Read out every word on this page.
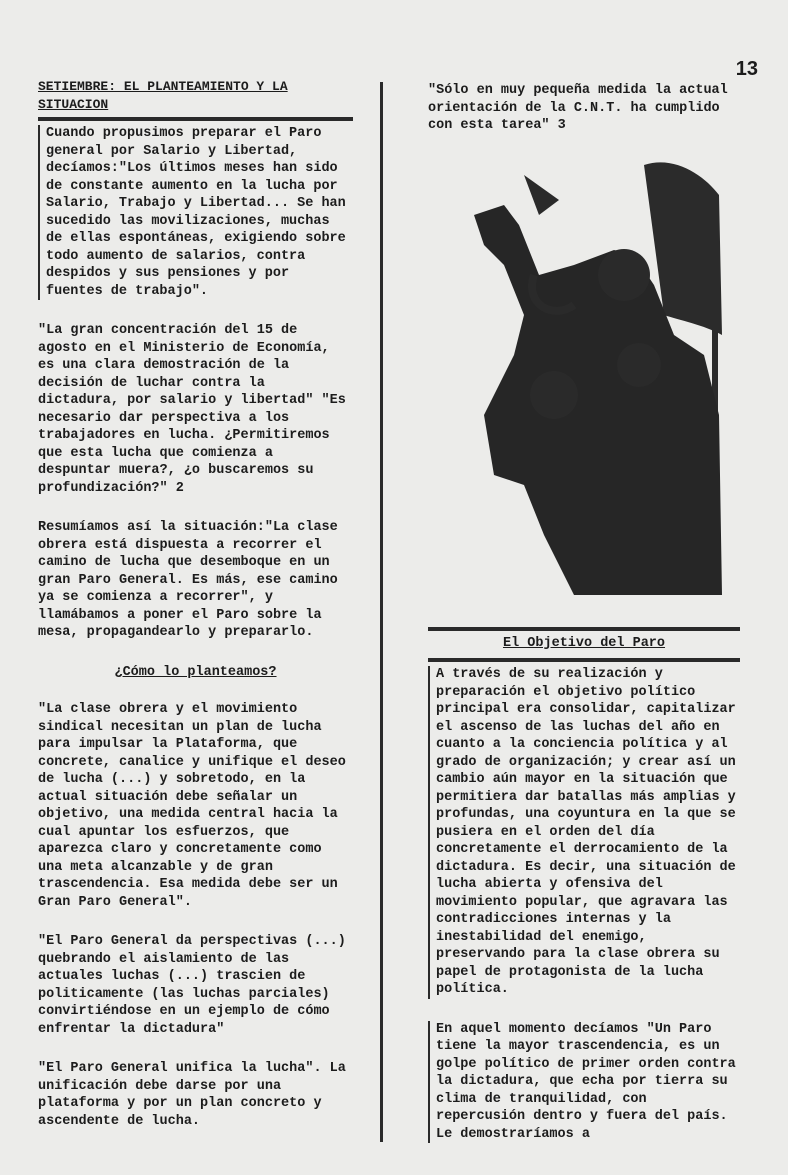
13
SETIEMBRE: EL PLANTEAMIENTO Y LA SITUACION

Cuando propusimos preparar el Paro general por Salario y Libertad, decíamos:"Los últimos meses han sido de constante aumento en la lucha por Salario, Trabajo y Libertad... Se han sucedido las movilizaciones, muchas de ellas espontáneas, exigiendo sobre todo aumento de salarios, contra despidos y sus pensiones y por fuentes de trabajo".

"La gran concentración del 15 de agosto en el Ministerio de Economía, es una clara demostración de la decisión de luchar contra la dictadura, por salario y libertad" "Es necesario dar perspectiva a los trabajadores en lucha. ¿Permitiremos que esta lucha que comienza a despuntar muera?, ¿o buscaremos su profundización?" 2

Resumíamos así la situación:"La clase obrera está dispuesta a recorrer el camino de lucha que desemboque en un gran Paro General. Es más, ese camino ya se comienza a recorrer", y llamábamos a poner el Paro sobre la mesa, propagandearlo y prepararlo.

¿Cómo lo planteamos?

"La clase obrera y el movimiento sindical necesitan un plan de lucha para impulsar la Plataforma, que concrete, canalice y unifique el deseo de lucha (...) y sobretodo, en la actual situación debe señalar un objetivo, una medida central hacia la cual apuntar los esfuerzos, que aparezca claro y concretamente como una meta alcanzable y de gran trascendencia. Esa medida debe ser un Gran Paro General".

"El Paro General da perspectivas (...) quebrando el aislamiento de las actuales luchas (...) trascien de politicamente (las luchas parciales) convirtiéndose en un ejemplo de cómo enfrentar la dictadura"

"El Paro General unifica la lucha". La unificación debe darse por una plataforma y por un plan concreto y ascendente de lucha.

"Sólo en muy pequeña medida la actual orientación de la C.N.T. ha cumplido con esta tarea" 3

El Objetivo del Paro

A través de su realización y preparación el objetivo político principal era consolidar, capitalizar el ascenso de las luchas del año en cuanto a la conciencia política y al grado de organización; y crear así un cambio aún mayor en la situación que permitiera dar batallas más amplias y profundas, una coyuntura en la que se pusiera en el orden del día concretamente el derrocamiento de la dictadura. Es decir, una situación de lucha abierta y ofensiva del movimiento popular, que agravara las contradicciones internas y la inestabilidad del enemigo, preservando para la clase obrera su papel de protagonista de la lucha política.

En aquel momento decíamos "Un Paro tiene la mayor trascendencia, es un golpe político de primer orden contra la dictadura, que echa por tierra su clima de tranquilidad, con repercusión dentro y fuera del país. Le demostraríamos a
